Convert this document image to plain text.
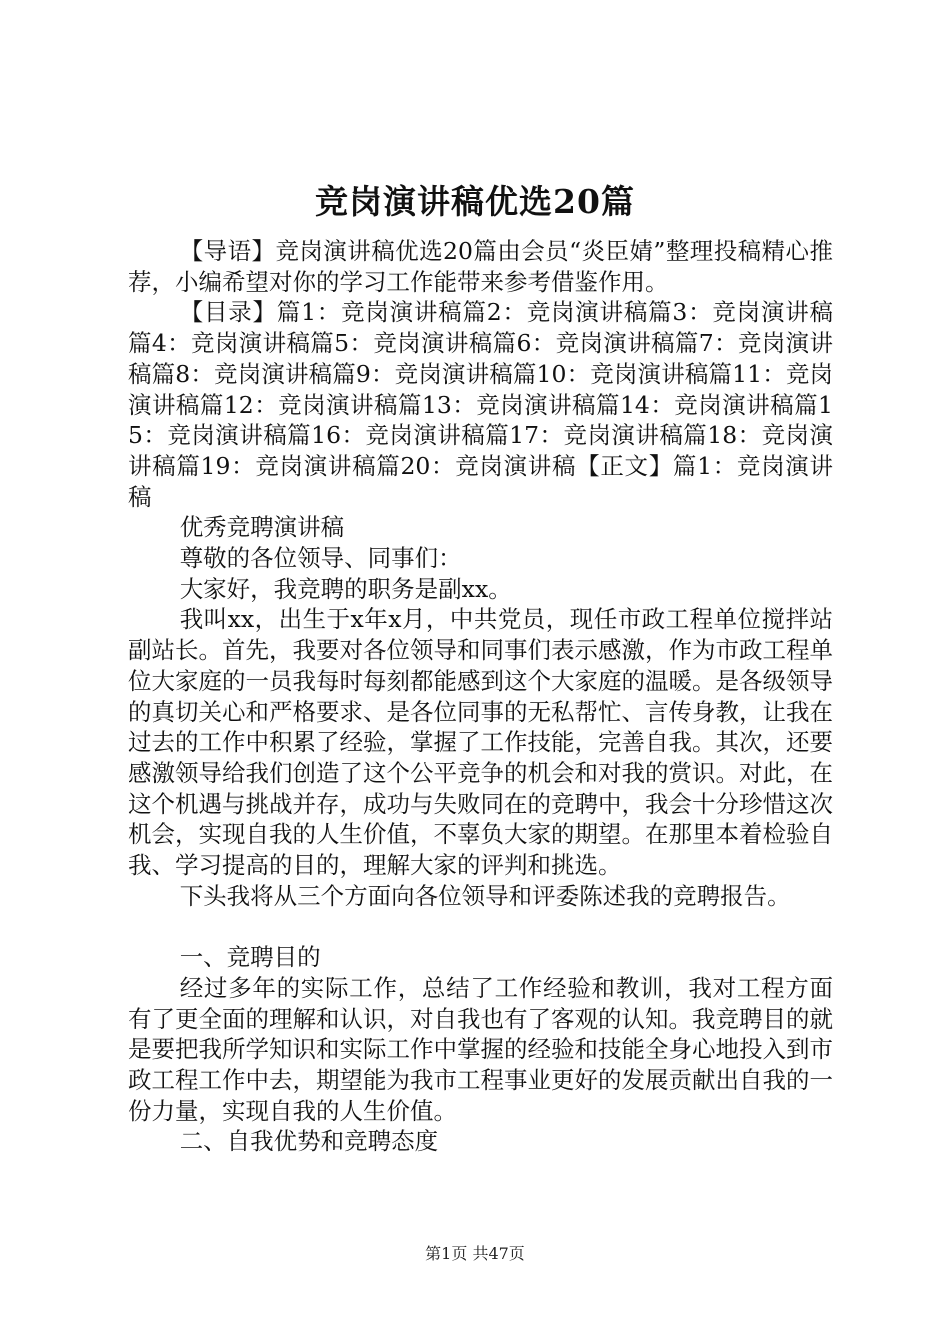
竞岗演讲稿优选20篇

【导语】竞岗演讲稿优选20篇由会员“炎臣婧”整理投稿精心推荐，小编希望对你的学习工作能带来参考借鉴作用。

【目录】篇1：竞岗演讲稿篇2：竞岗演讲稿篇3：竞岗演讲稿篇4：竞岗演讲稿篇5：竞岗演讲稿篇6：竞岗演讲稿篇7：竞岗演讲稿篇8：竞岗演讲稿篇9：竞岗演讲稿篇10：竞岗演讲稿篇11：竞岗演讲稿篇12：竞岗演讲稿篇13：竞岗演讲稿篇14：竞岗演讲稿篇15：竞岗演讲稿篇16：竞岗演讲稿篇17：竞岗演讲稿篇18：竞岗演讲稿篇19：竞岗演讲稿篇20：竞岗演讲稿【正文】篇1：竞岗演讲稿

优秀竞聘演讲稿

尊敬的各位领导、同事们：

大家好，我竞聘的职务是副xx。

我叫xx，出生于x年x月，中共党员，现任市政工程单位搅拌站副站长。首先，我要对各位领导和同事们表示感激，作为市政工程单位大家庭的一员我每时每刻都能感到这个大家庭的温暖。是各级领导的真切关心和严格要求、是各位同事的无私帮忙、言传身教，让我在过去的工作中积累了经验，掌握了工作技能，完善自我。其次，还要感激领导给我们创造了这个公平竞争的机会和对我的赏识。对此，在这个机遇与挑战并存，成功与失败同在的竞聘中，我会十分珍惜这次机会，实现自我的人生价值，不辜负大家的期望。在那里本着检验自我、学习提高的目的，理解大家的评判和挑选。

下头我将从三个方面向各位领导和评委陈述我的竞聘报告。

一、竞聘目的

经过多年的实际工作，总结了工作经验和教训，我对工程方面有了更全面的理解和认识，对自我也有了客观的认知。我竞聘目的就是要把我所学知识和实际工作中掌握的经验和技能全身心地投入到市政工程工作中去，期望能为我市工程事业更好的发展贡献出自我的一份力量，实现自我的人生价值。

二、自我优势和竞聘态度

第1页 共47页
